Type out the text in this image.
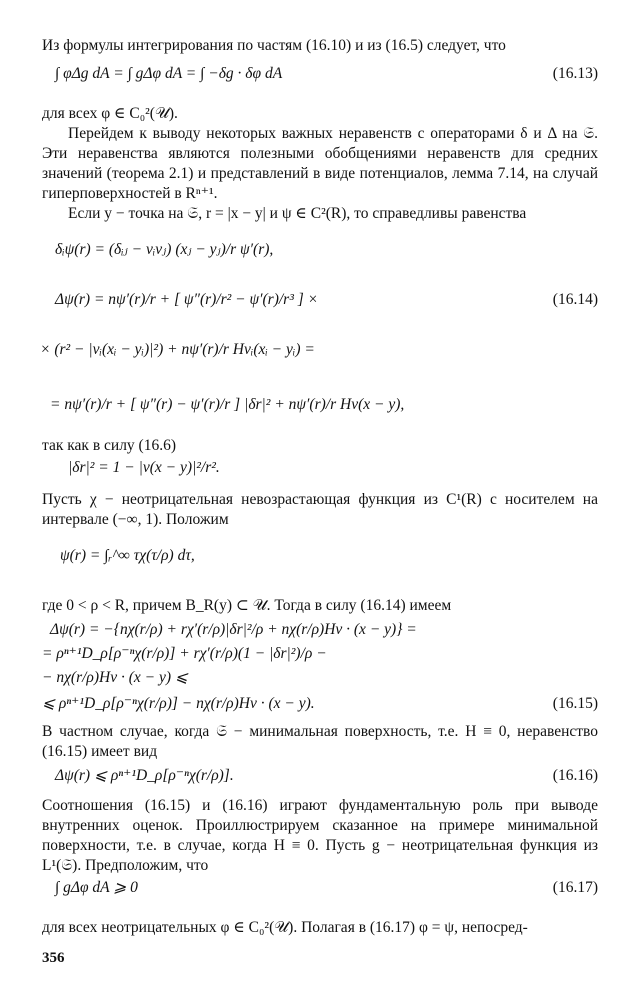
Из формулы интегрирования по частям (16.10) и из (16.5) следует, что
∫ φΔg dA = ∫ gΔφ dA = ∫ −δg · δφ dA	(16.13)
для всех φ ∈ C₀²(𝒰).
Перейдем к выводу некоторых важных неравенств с операторами δ и Δ на 𝔖. Эти неравенства являются полезными обобщениями неравенств для средних значений (теорема 2.1) и представлений в виде потенциалов, лемма 7.14, на случай гиперповерхностей в Rⁿ⁺¹.
Если y − точка на 𝔖, r = |x − y| и ψ ∈ C²(R), то справедливы равенства
δᵢψ(r) = (δᵢⱼ − νᵢνⱼ) (xⱼ − yⱼ)/r ψ′(r),
Δψ(r) = nψ′(r)/r + [ ψ″(r)/r² − ψ′(r)/r³ ] ×	(16.14)
× (r² − |νᵢ(xᵢ − yᵢ)|²) + nψ′(r)/r Hνᵢ(xᵢ − yᵢ) =
= nψ′(r)/r + [ ψ″(r) − ψ′(r)/r ] |δr|² + nψ′(r)/r Hν(x − y),
так как в силу (16.6)
|δr|² = 1 − |ν(x − y)|²/r².
Пусть χ − неотрицательная невозрастающая функция из C¹(R) с носителем на интервале (−∞, 1). Положим
ψ(r) = ∫ᵣ^∞ τχ(τ/ρ) dτ,
где 0 < ρ < R, причем B_R(y) ⊂ 𝒰. Тогда в силу (16.14) имеем
Δψ(r) = −{nχ(r/ρ) + rχ′(r/ρ)|δr|²/ρ + nχ(r/ρ)Hν · (x − y)} =
= ρⁿ⁺¹D_ρ[ρ⁻ⁿχ(r/ρ)] + rχ′(r/ρ)(1 − |δr|²)/ρ −
− nχ(r/ρ)Hν · (x − y) ⩽
⩽ ρⁿ⁺¹D_ρ[ρ⁻ⁿχ(r/ρ)] − nχ(r/ρ)Hν · (x − y).	(16.15)
В частном случае, когда 𝔖 − минимальная поверхность, т.е. H ≡ 0, неравенство (16.15) имеет вид
Δψ(r) ⩽ ρⁿ⁺¹D_ρ[ρ⁻ⁿχ(r/ρ)].	(16.16)
Соотношения (16.15) и (16.16) играют фундаментальную роль при выводе внутренних оценок. Проиллюстрируем сказанное на примере минимальной поверхности, т.е. в случае, когда H ≡ 0. Пусть g − неотрицательная функция из L¹(𝔖). Предположим, что
∫ gΔφ dA ⩾ 0	(16.17)
для всех неотрицательных φ ∈ C₀²(𝒰). Полагая в (16.17) φ = ψ, непосред-
356
